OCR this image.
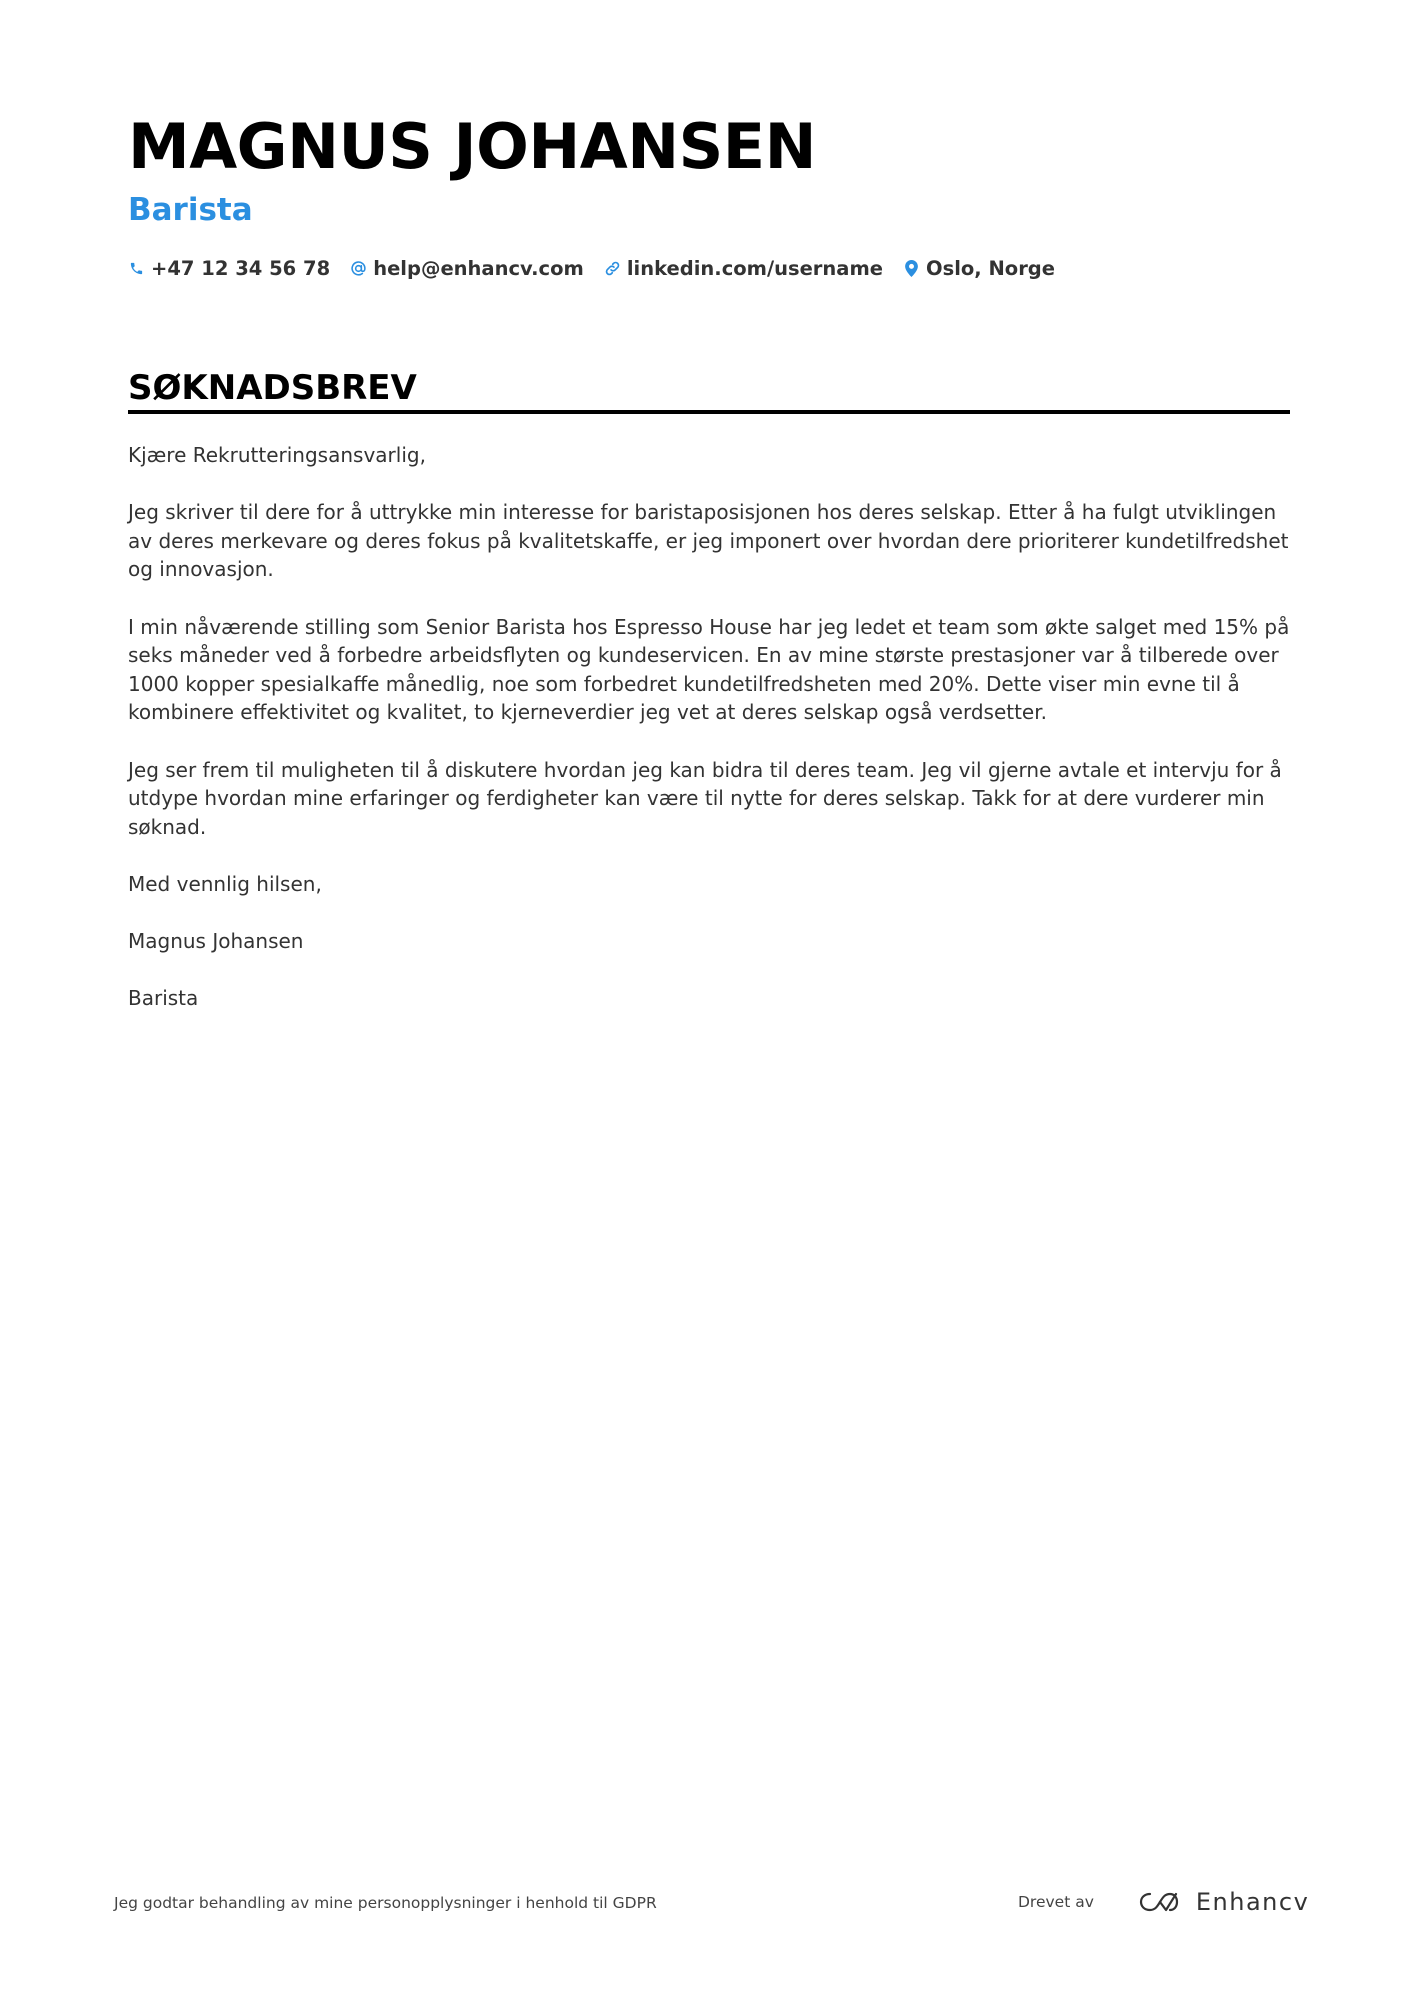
MAGNUS JOHANSEN
Barista
+47 12 34 56 78 help@enhancv.com linkedin.com/username Oslo, Norge
SØKNADSBREV

Kjære Rekrutteringsansvarlig,

Jeg skriver til dere for å uttrykke min interesse for baristaposisjonen hos deres selskap. Etter å ha fulgt utviklingen av deres merkevare og deres fokus på kvalitetskaffe, er jeg imponert over hvordan dere prioriterer kundetilfredshet og innovasjon.

I min nåværende stilling som Senior Barista hos Espresso House har jeg ledet et team som økte salget med 15% på seks måneder ved å forbedre arbeidsflyten og kundeservicen. En av mine største prestasjoner var å tilberede over 1000 kopper spesialkaffe månedlig, noe som forbedret kundetilfredsheten med 20%. Dette viser min evne til å kombinere effektivitet og kvalitet, to kjerneverdier jeg vet at deres selskap også verdsetter.

Jeg ser frem til muligheten til å diskutere hvordan jeg kan bidra til deres team. Jeg vil gjerne avtale et intervju for å utdype hvordan mine erfaringer og ferdigheter kan være til nytte for deres selskap. Takk for at dere vurderer min søknad.

Med vennlig hilsen,

Magnus Johansen

Barista

Jeg godtar behandling av mine personopplysninger i henhold til GDPR	Drevet av	Enhancv
